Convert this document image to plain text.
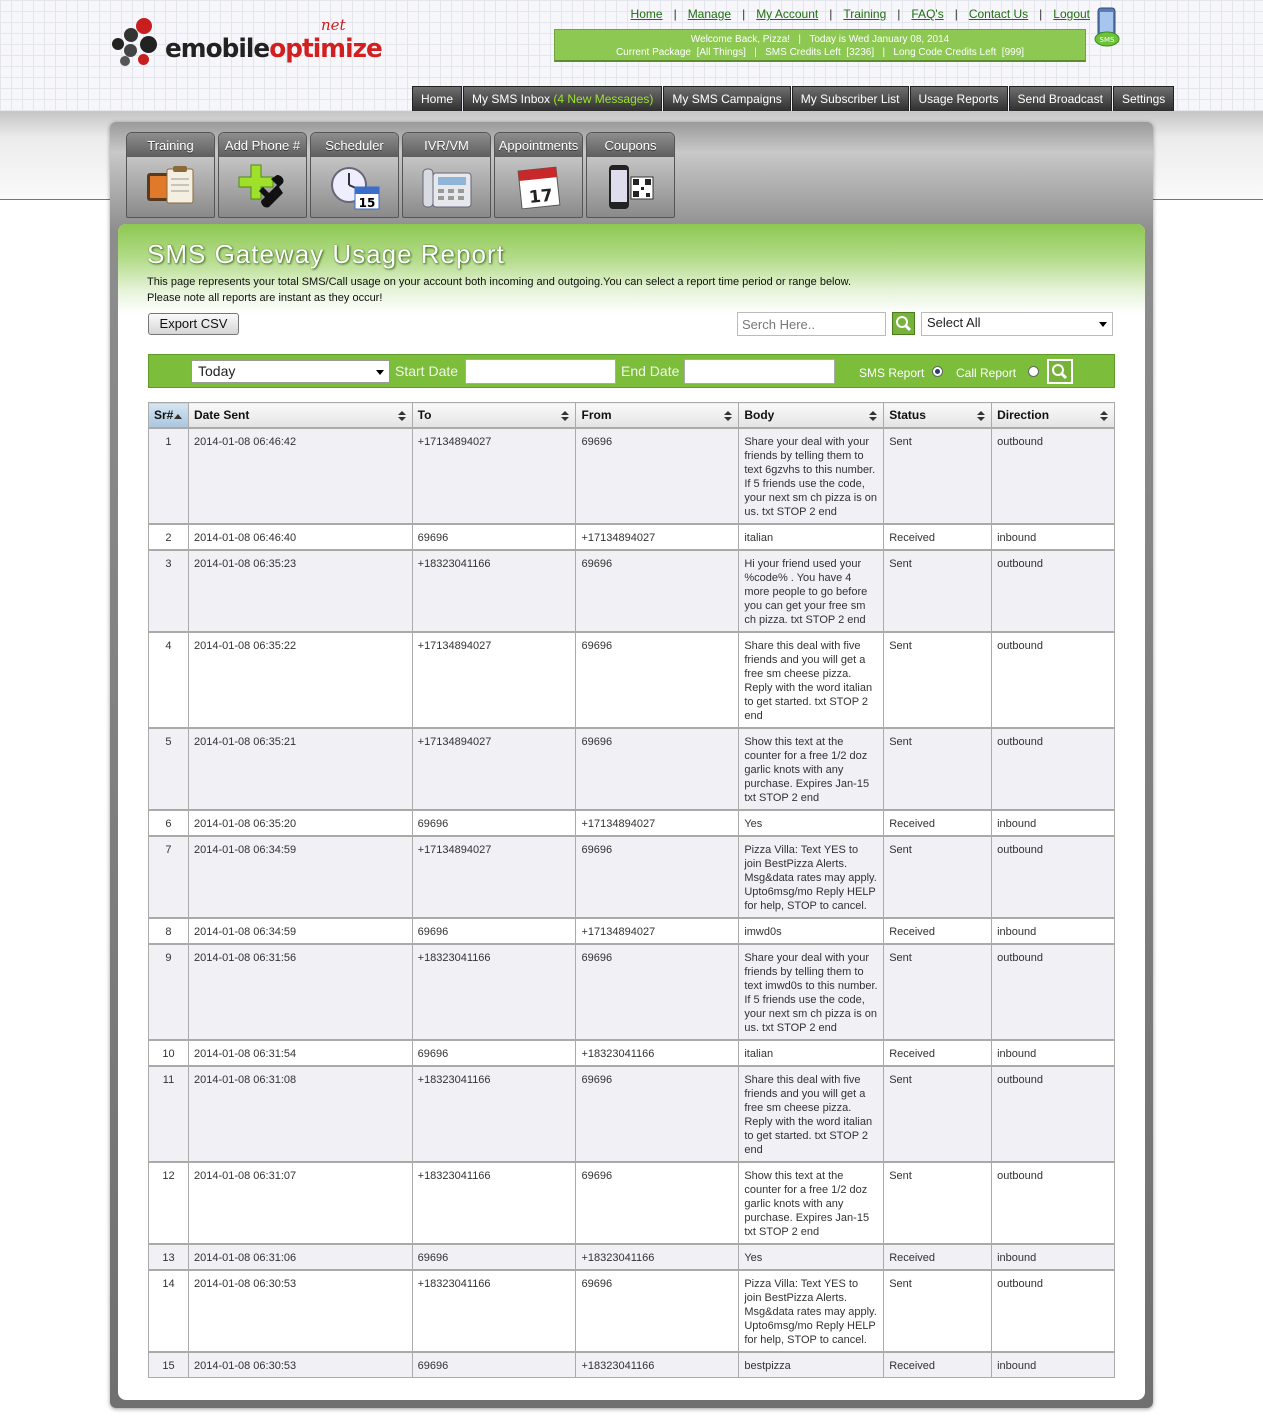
emobileoptimize
net
Home | Manage | My Account | Training | FAQ's | Contact Us | Logout
Welcome Back, Pizza!   |   Today is Wed January 08, 2014
Current Package [All Things]   |   SMS Credits Left [3236]   |   Long Code Credits Left [999]
SMS
Home	My SMS Inbox (4 New Messages)	My SMS Campaigns	My Subscriber List	Usage Reports	Send Broadcast	Settings
SMS Gateway Usage Report
This page represents your total SMS/Call usage on your account both incoming and outgoing.You can select a report time period or range below.
Please note all reports are instant as they occur!
Export CSV
Serch Here..	Select All
Today	Start Date	End Date	SMS Report	Call Report
Sr#	Date Sent	To	From	Body	Status	Direction

1	2014-01-08 06:46:42	+17134894027	69696	Share your deal with your friends by telling them to text 6gzvhs to this number. If 5 friends use the code, your next sm ch pizza is on us. txt STOP 2 end	Sent	outbound
2	2014-01-08 06:46:40	69696	+17134894027	italian	Received	inbound
3	2014-01-08 06:35:23	+18323041166	69696	Hi your friend used your %code% . You have 4 more people to go before you can get your free sm ch pizza. txt STOP 2 end	Sent	outbound
4	2014-01-08 06:35:22	+17134894027	69696	Share this deal with five friends and you will get a free sm cheese pizza. Reply with the word italian to get started. txt STOP 2 end	Sent	outbound
5	2014-01-08 06:35:21	+17134894027	69696	Show this text at the counter for a free 1/2 doz garlic knots with any purchase. Expires Jan-15 txt STOP 2 end	Sent	outbound
6	2014-01-08 06:35:20	69696	+17134894027	Yes	Received	inbound
7	2014-01-08 06:34:59	+17134894027	69696	Pizza Villa: Text YES to join BestPizza Alerts. Msg&data rates may apply. Upto6msg/mo Reply HELP for help, STOP to cancel.	Sent	outbound
8	2014-01-08 06:34:59	69696	+17134894027	imwd0s	Received	inbound
9	2014-01-08 06:31:56	+18323041166	69696	Share your deal with your friends by telling them to text imwd0s to this number. If 5 friends use the code, your next sm ch pizza is on us. txt STOP 2 end	Sent	outbound
10	2014-01-08 06:31:54	69696	+18323041166	italian	Received	inbound
11	2014-01-08 06:31:08	+18323041166	69696	Share this deal with five friends and you will get a free sm cheese pizza. Reply with the word italian to get started. txt STOP 2 end	Sent	outbound
12	2014-01-08 06:31:07	+18323041166	69696	Show this text at the counter for a free 1/2 doz garlic knots with any purchase. Expires Jan-15 txt STOP 2 end	Sent	outbound
13	2014-01-08 06:31:06	69696	+18323041166	Yes	Received	inbound
14	2014-01-08 06:30:53	+18323041166	69696	Pizza Villa: Text YES to join BestPizza Alerts. Msg&data rates may apply. Upto6msg/mo Reply HELP for help, STOP to cancel.	Sent	outbound
15	2014-01-08 06:30:53	69696	+18323041166	bestpizza	Received	inbound
Training	Add Phone #	Scheduler
15
IVR/VM	Appointments
17
Coupons
